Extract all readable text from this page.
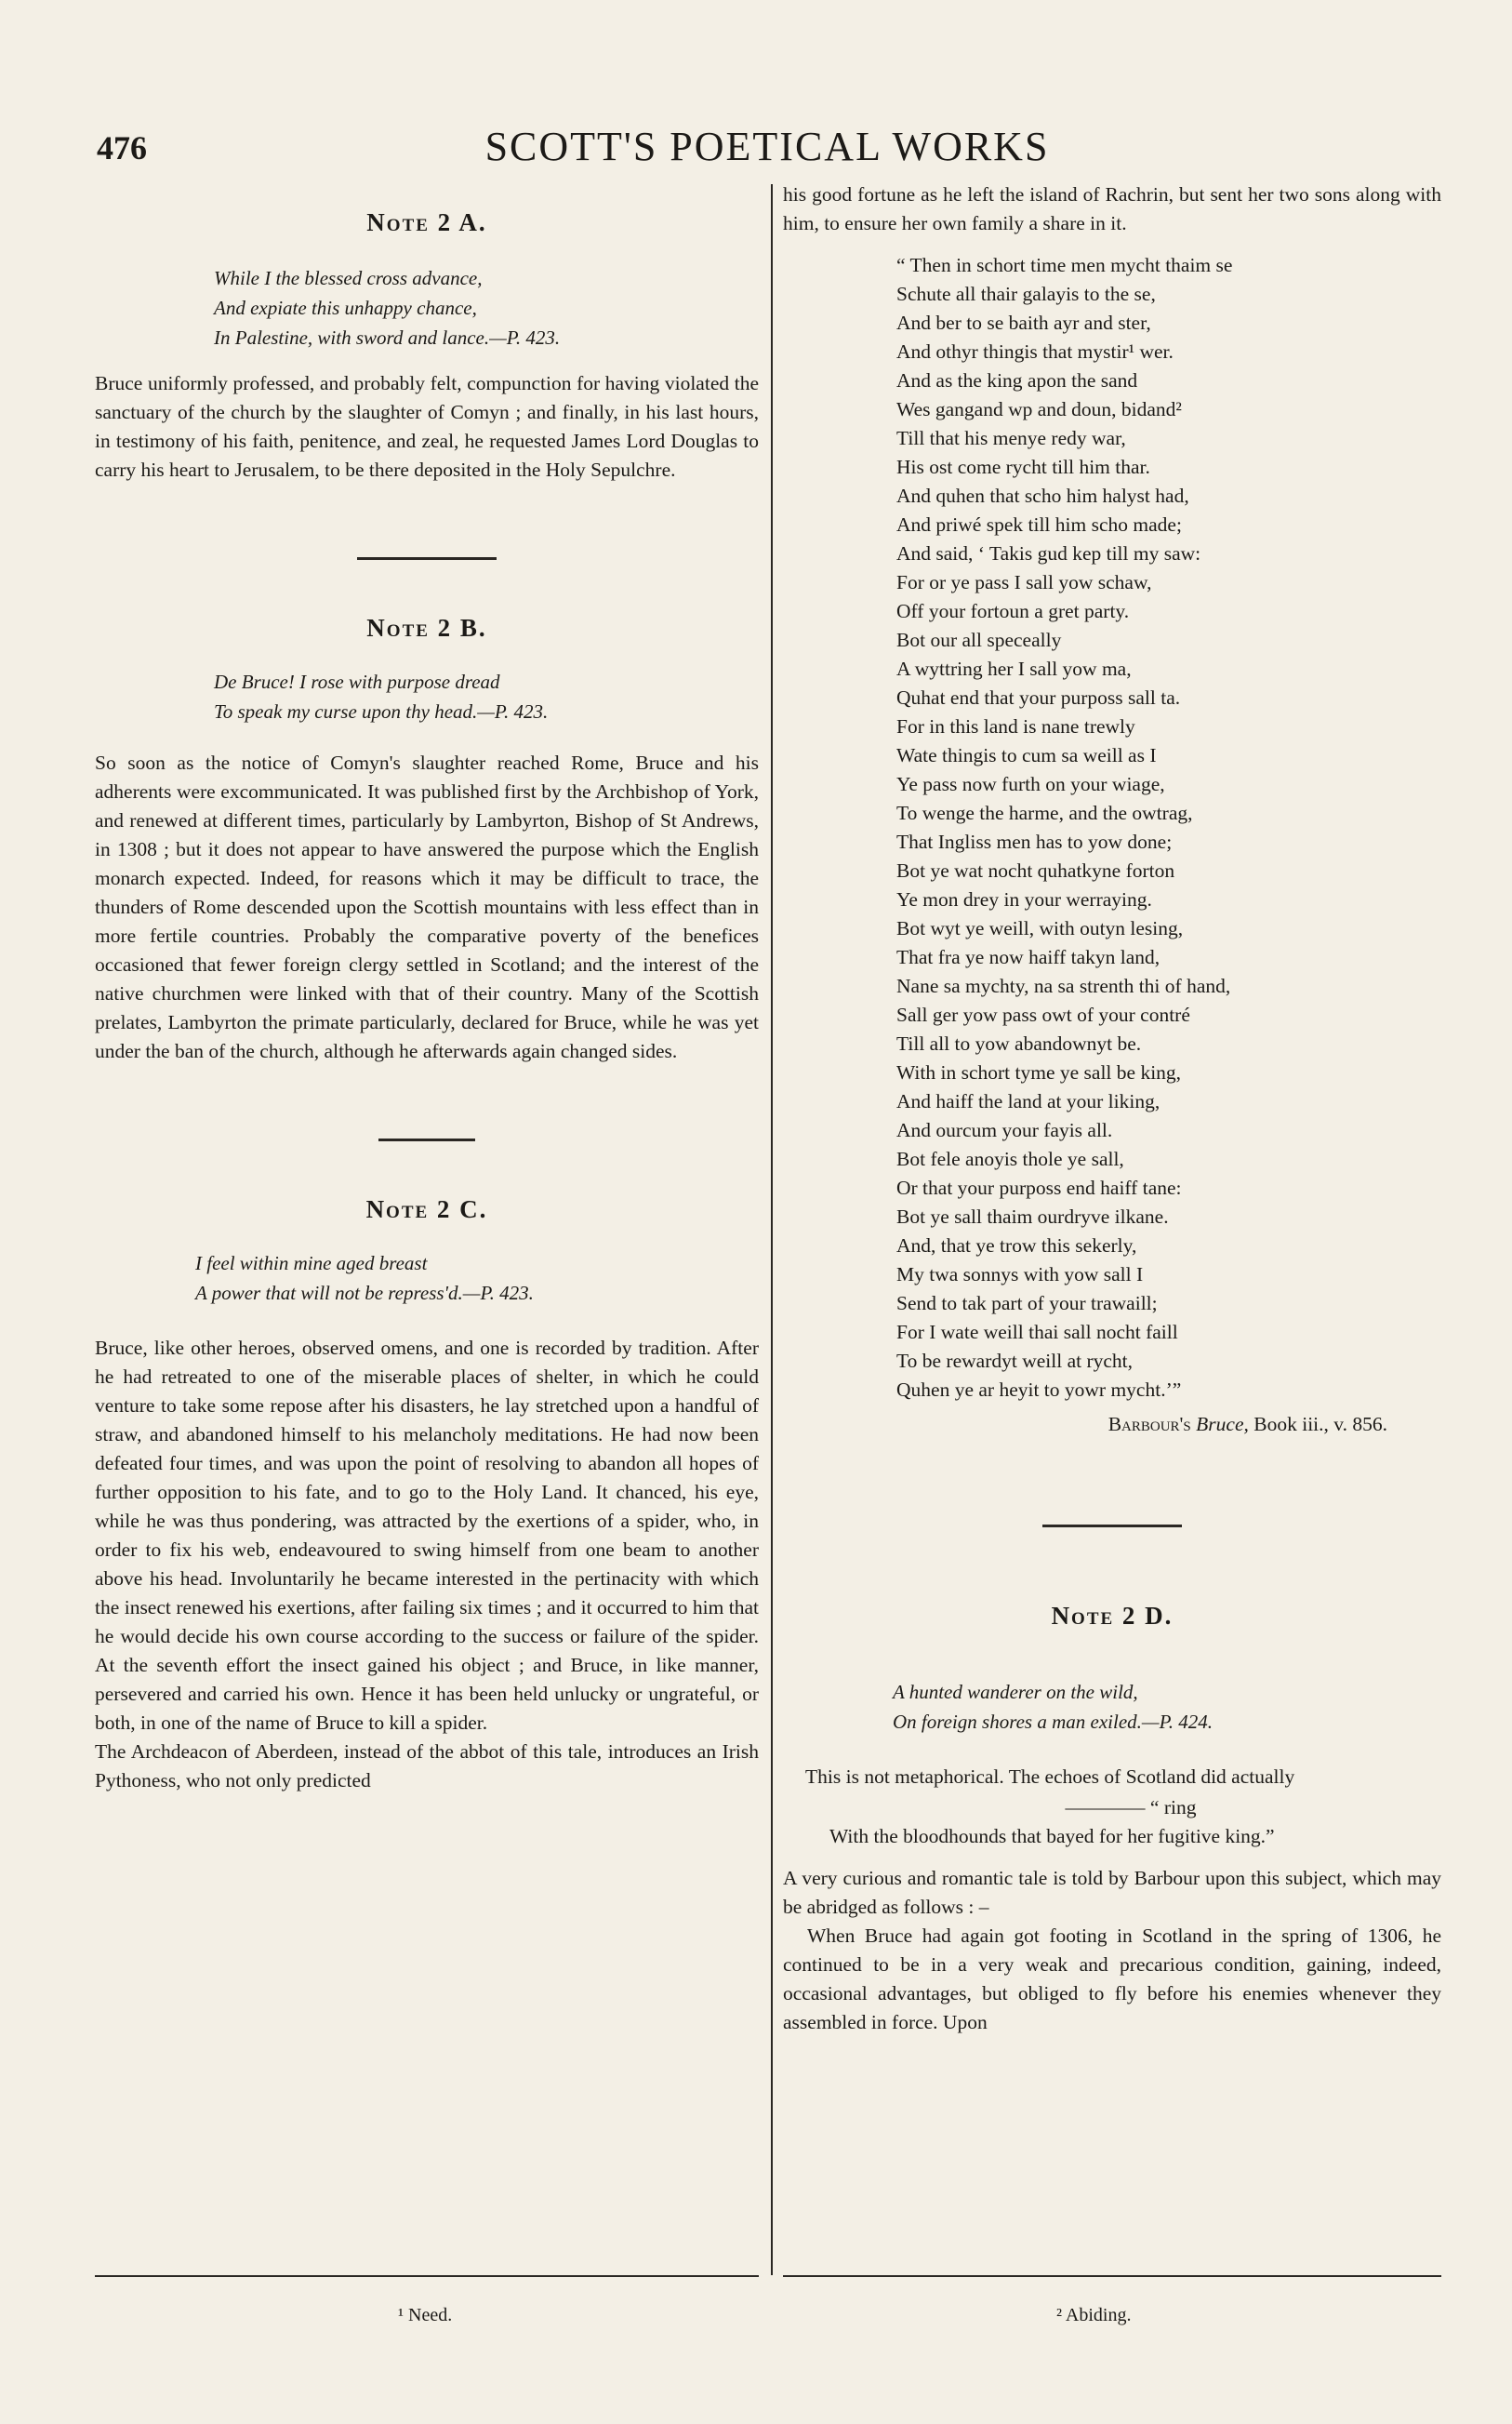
476	SCOTT'S POETICAL WORKS
Note 2 A.
While I the blessed cross advance,
And expiate this unhappy chance,
In Palestine, with sword and lance.—P. 423.

Bruce uniformly professed, and probably felt, compunction for having violated the sanctuary of the church by the slaughter of Comyn ; and finally, in his last hours, in testimony of his faith, penitence, and zeal, he requested James Lord Douglas to carry his heart to Jerusalem, to be there deposited in the Holy Sepulchre.

Note 2 B.
De Bruce! I rose with purpose dread
To speak my curse upon thy head.—P. 423.

So soon as the notice of Comyn's slaughter reached Rome, Bruce and his adherents were excommunicated. It was published first by the Archbishop of York, and renewed at different times, particularly by Lambyrton, Bishop of St Andrews, in 1308 ; but it does not appear to have answered the purpose which the English monarch expected. Indeed, for reasons which it may be difficult to trace, the thunders of Rome descended upon the Scottish mountains with less effect than in more fertile countries. Probably the comparative poverty of the benefices occasioned that fewer foreign clergy settled in Scotland; and the interest of the native churchmen were linked with that of their country. Many of the Scottish prelates, Lambyrton the primate particularly, declared for Bruce, while he was yet under the ban of the church, although he afterwards again changed sides.

Note 2 C.
I feel within mine aged breast
A power that will not be repress'd.—P. 423.

Bruce, like other heroes, observed omens, and one is recorded by tradition. After he had retreated to one of the miserable places of shelter, in which he could venture to take some repose after his disasters, he lay stretched upon a handful of straw, and abandoned himself to his melancholy meditations. He had now been defeated four times, and was upon the point of resolving to abandon all hopes of further opposition to his fate, and to go to the Holy Land. It chanced, his eye, while he was thus pondering, was attracted by the exertions of a spider, who, in order to fix his web, endeavoured to swing himself from one beam to another above his head. Involuntarily he became interested in the pertinacity with which the insect renewed his exertions, after failing six times ; and it occurred to him that he would decide his own course according to the success or failure of the spider. At the seventh effort the insect gained his object ; and Bruce, in like manner, persevered and carried his own. Hence it has been held unlucky or ungrateful, or both, in one of the name of Bruce to kill a spider.

The Archdeacon of Aberdeen, instead of the abbot of this tale, introduces an Irish Pythoness, who not only predicted

his good fortune as he left the island of Rachrin, but sent her two sons along with him, to ensure her own family a share in it.

“ Then in schort time men mycht thaim se
Schute all thair galayis to the se,
And ber to se baith ayr and ster,
And othyr thingis that mystir¹ wer.
And as the king apon the sand
Wes gangand wp and doun, bidand²
Till that his menye redy war,
His ost come rycht till him thar.
And quhen that scho him halyst had,
And priwé spek till him scho made;
And said, ‘ Takis gud kep till my saw:
For or ye pass I sall yow schaw,
Off your fortoun a gret party.
Bot our all speceally
A wyttring her I sall yow ma,
Quhat end that your purposs sall ta.
For in this land is nane trewly
Wate thingis to cum sa weill as I
Ye pass now furth on your wiage,
To wenge the harme, and the owtrag,
That Ingliss men has to yow done;
Bot ye wat nocht quhatkyne forton
Ye mon drey in your werraying.
Bot wyt ye weill, with outyn lesing,
That fra ye now haiff takyn land,
Nane sa mychty, na sa strenth thi of hand,
Sall ger yow pass owt of your contré
Till all to yow abandownyt be.
With in schort tyme ye sall be king,
And haiff the land at your liking,
And ourcum your fayis all.
Bot fele anoyis thole ye sall,
Or that your purposs end haiff tane:
Bot ye sall thaim ourdryve ilkane.
And, that ye trow this sekerly,
My twa sonnys with yow sall I
Send to tak part of your trawaill;
For I wate weill thai sall nocht faill
To be rewardyt weill at rycht,
Quhen ye ar heyit to yowr mycht.’”
Barbour's Bruce, Book iii., v. 856.
Note 2 D.
A hunted wanderer on the wild,
On foreign shores a man exiled.—P. 424.

This is not metaphorical. The echoes of Scotland did actually

———— “ ring
With the bloodhounds that bayed for her fugitive king.”

A very curious and romantic tale is told by Barbour upon this subject, which may be abridged as follows : –

When Bruce had again got footing in Scotland in the spring of 1306, he continued to be in a very weak and precarious condition, gaining, indeed, occasional advantages, but obliged to fly before his enemies whenever they assembled in force. Upon

¹ Need.	² Abiding.
